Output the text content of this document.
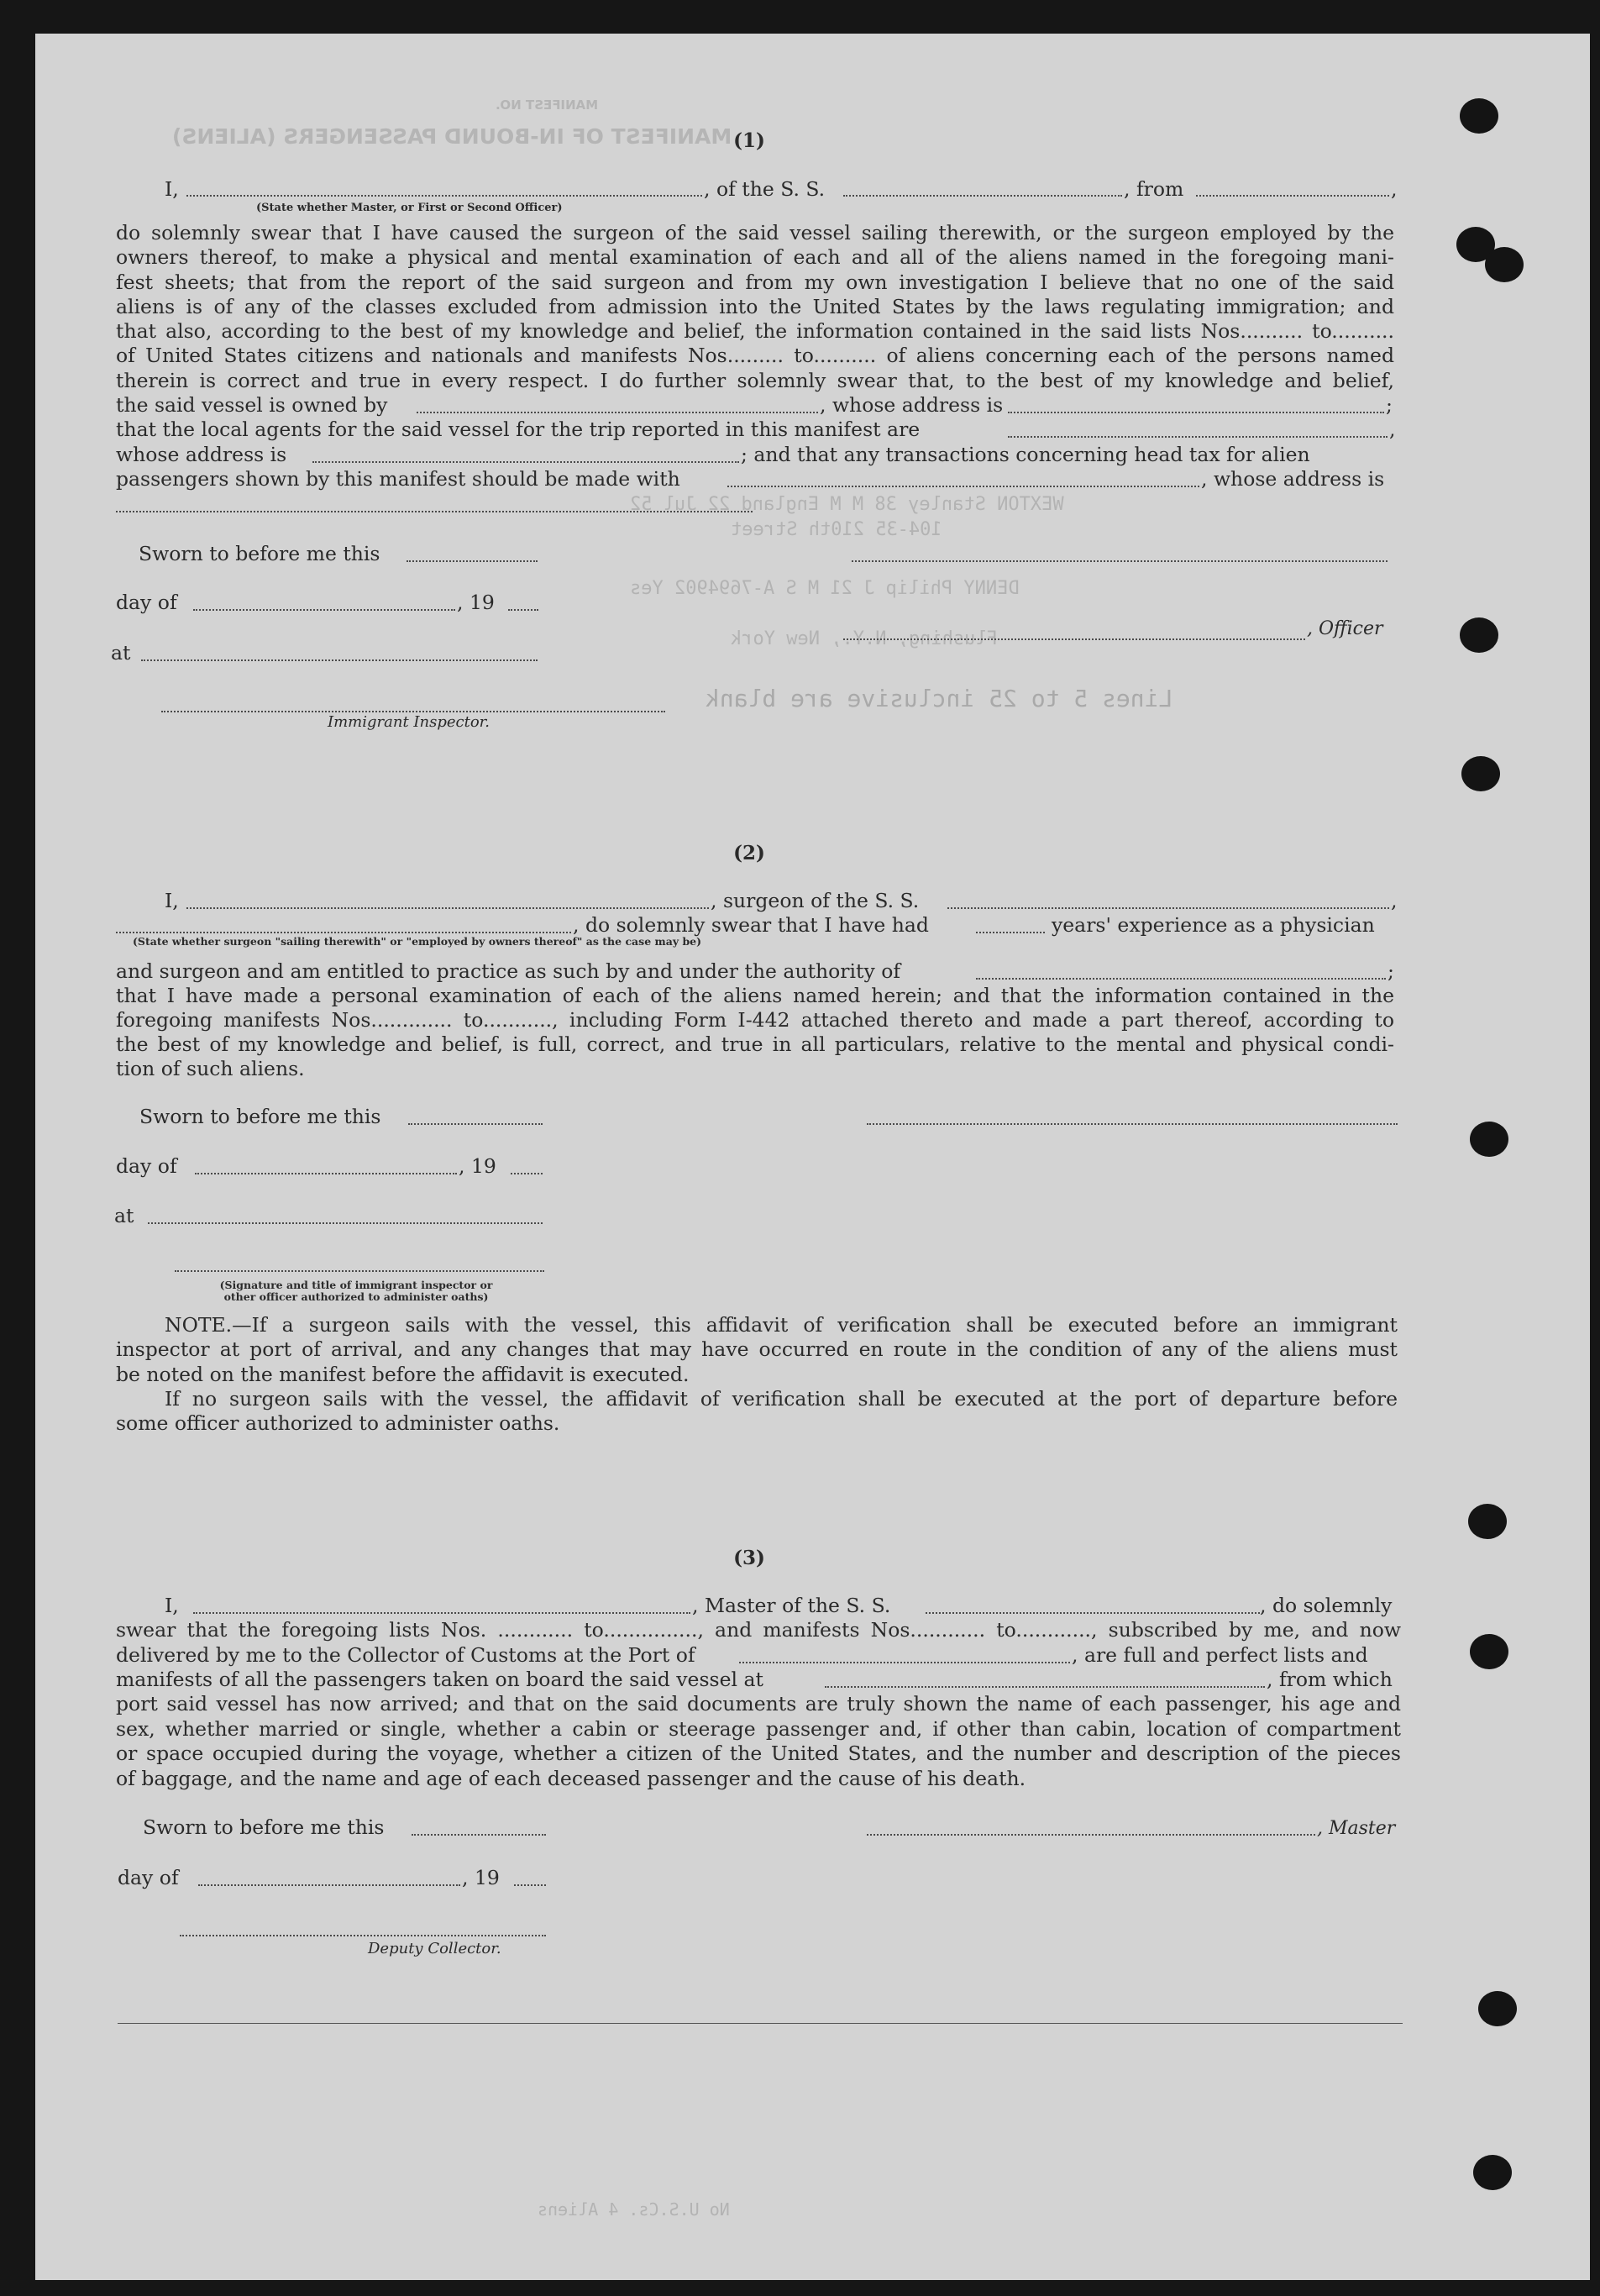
MANIFEST OF IN-BOUND PASSENGERS (ALIENS)
MANIFEST NO.
WEXTON Stanley 38 M M England 22 Jul 52
104-35 210th Street
DENNY Philip J 21 M S A-7694902 Yes
Flushing, N.Y., New York
Lines 5 to 25 inclusive are blank
No U.S.Cs. 4 Aliens
(1)
I,	, of the S. S.	, from	,
(State whether Master, or First or Second Officer)
do solemnly swear that I have caused the surgeon of the said vessel sailing therewith, or the surgeon employed by the
owners thereof, to make a physical and mental examination of each and all of the aliens named in the foregoing mani-
fest sheets; that from the report of the said surgeon and from my own investigation I believe that no one of the said
aliens is of any of the classes excluded from admission into the United States by the laws regulating immigration; and
that also, according to the best of my knowledge and belief, the information contained in the said lists Nos.......... to..........
of United States citizens and nationals and manifests Nos......... to.......... of aliens concerning each of the persons named
therein is correct and true in every respect. I do further solemnly swear that, to the best of my knowledge and belief,
the said vessel is owned by	, whose address is	;
that the local agents for the said vessel for the trip reported in this manifest are	,
whose address is	; and that any transactions concerning head tax for alien
passengers shown by this manifest should be made with	, whose address is
Sworn to before me this
day of	, 19
at
, Officer
Immigrant Inspector.
(2)
I,	, surgeon of the S. S.	,
, do solemnly swear that I have had	years' experience as a physician
(State whether surgeon "sailing therewith" or "employed by owners thereof" as the case may be)
and surgeon and am entitled to practice as such by and under the authority of	;
that I have made a personal examination of each of the aliens named herein; and that the information contained in the
foregoing manifests Nos............. to..........., including Form I-442 attached thereto and made a part thereof, according to
the best of my knowledge and belief, is full, correct, and true in all particulars, relative to the mental and physical condi-
tion of such aliens.
Sworn to before me this
day of	, 19
at
(Signature and title of immigrant inspector or
other officer authorized to administer oaths)
NOTE.—If a surgeon sails with the vessel, this affidavit of verification shall be executed before an immigrant
inspector at port of arrival, and any changes that may have occurred en route in the condition of any of the aliens must
be noted on the manifest before the affidavit is executed.
If no surgeon sails with the vessel, the affidavit of verification shall be executed at the port of departure before
some officer authorized to administer oaths.
(3)
I,	, Master of the S. S.	, do solemnly
swear that the foregoing lists Nos. ............ to..............., and manifests Nos............ to............, subscribed by me, and now
delivered by me to the Collector of Customs at the Port of	, are full and perfect lists and
manifests of all the passengers taken on board the said vessel at	, from which
port said vessel has now arrived; and that on the said documents are truly shown the name of each passenger, his age and
sex, whether married or single, whether a cabin or steerage passenger and, if other than cabin, location of compartment
or space occupied during the voyage, whether a citizen of the United States, and the number and description of the pieces
of baggage, and the name and age of each deceased passenger and the cause of his death.
Sworn to before me this	, Master
day of	, 19
Deputy Collector.
